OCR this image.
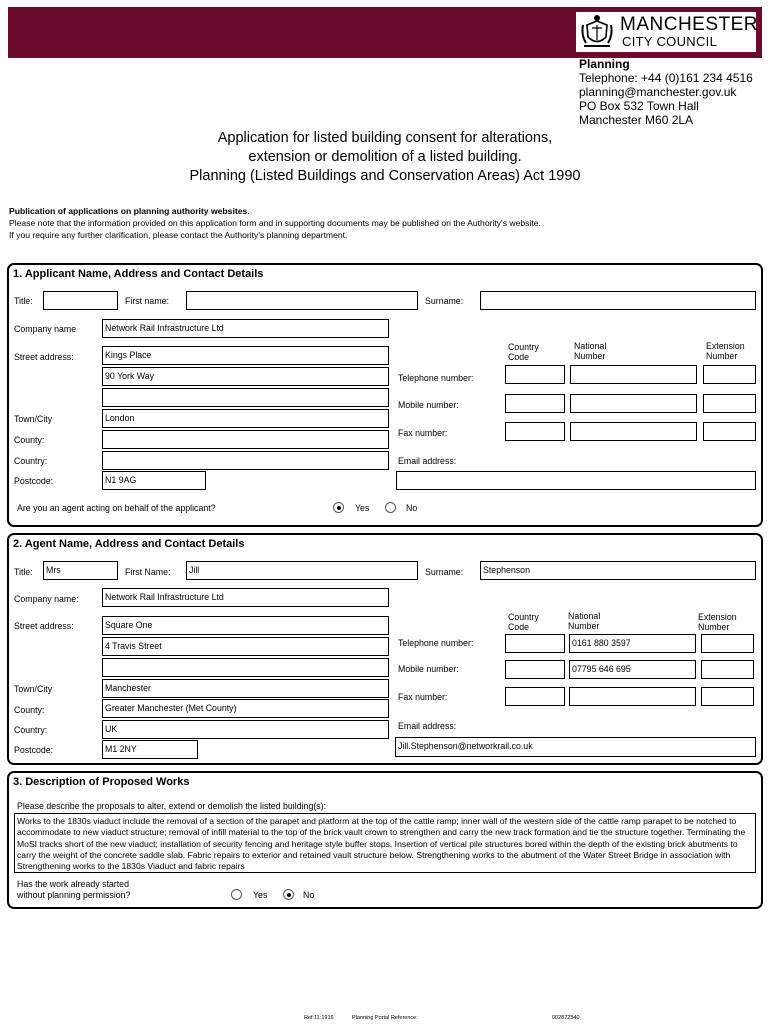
MANCHESTER
CITY COUNCIL
Planning
Telephone: +44 (0)161 234 4516
planning@manchester.gov.uk
PO Box 532 Town Hall
Manchester M60 2LA
Application for listed building consent for alterations,
extension or demolition of a listed building.
Planning (Listed Buildings and Conservation Areas) Act 1990
Publication of applications on planning authority websites.
Please note that the information provided on this application form and in supporting documents may be published on the Authority's website.
If you require any further clarification, please contact the Authority's planning department.
1. Applicant Name, Address and Contact Details
Title:	First name:	Surname:
Company name	Network Rail Infrastructure Ltd
Street address:	Kings Place
90 York Way
Town/City	London
County:
Country:
Postcode:	N1 9AG
Country
Code
National
Number
Extension
Number
Telephone number:
Mobile number:
Fax number:
Email address:
Are you an agent acting on behalf of the applicant?	Yes	No
2. Agent Name, Address and Contact Details
Title:	Mrs	First Name:	Jill	Surname:	Stephenson
Company name:	Network Rail Infrastructure Ltd
Street address:	Square One
4 Travis Street
Town/City	Manchester
County:	Greater Manchester (Met County)
Country:	UK
Postcode:	M1 2NY
Country
Code
National
Number
Extension
Number
Telephone number:	0161 880 3597
Mobile number:	07795 646 695
Fax number:
Email address:
Jill.Stephenson@networkrail.co.uk
3. Description of Proposed Works
Please describe the proposals to alter, extend or demolish the listed building(s):
Works to the 1830s viaduct include the removal of a section of the parapet and platform at the top of the cattle ramp; inner wall of the western side of the cattle ramp parapet to be notched to accommodate to new viaduct structure; removal of infill material to the top of the brick vault crown to strengthen and carry the new track formation and tie the structure together. Terminating the MoSI tracks short of the new viaduct; installation of security fencing and heritage style buffer stops. Insertion of vertical pile structures bored within the depth of the existing brick abutments to carry the weight of the concrete saddle slab. Fabric repairs to exterior and retained vault structure below. Strengthening works to the abutment of the Water Street Bridge in association with Strengthening works to the 1830s Viaduct and fabric repairs
Has the work already started
without planning permission?	Yes	No
Ref:11:1916	Planning Portal Reference:	002872540
